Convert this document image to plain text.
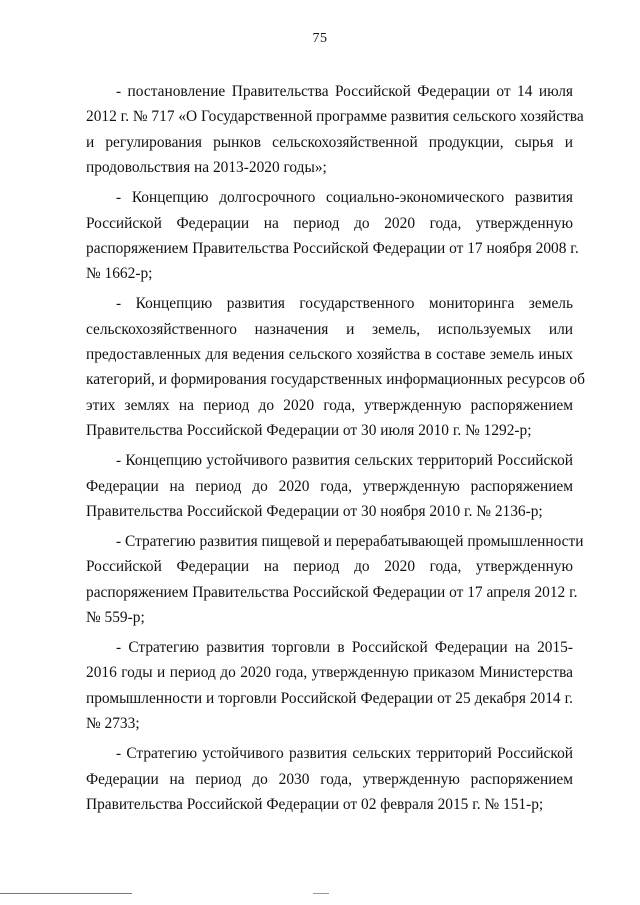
75

- постановление Правительства Российской Федерации от 14 июля
2012 г. № 717 «О Государственной программе развития сельского хозяйства
и регулирования рынков сельскохозяйственной продукции, сырья и
продовольствия на 2013-2020 годы»;

- Концепцию долгосрочного социально-экономического развития
Российской Федерации на период до 2020 года, утвержденную
распоряжением Правительства Российской Федерации от 17 ноября 2008 г.
№ 1662-р;

- Концепцию развития государственного мониторинга земель
сельскохозяйственного назначения и земель, используемых или
предоставленных для ведения сельского хозяйства в составе земель иных
категорий, и формирования государственных информационных ресурсов об
этих землях на период до 2020 года, утвержденную распоряжением
Правительства Российской Федерации от 30 июля 2010 г. № 1292-р;

- Концепцию устойчивого развития сельских территорий Российской
Федерации на период до 2020 года, утвержденную распоряжением
Правительства Российской Федерации от 30 ноября 2010 г. № 2136-р;

- Стратегию развития пищевой и перерабатывающей промышленности
Российской Федерации на период до 2020 года, утвержденную
распоряжением Правительства Российской Федерации от 17 апреля 2012 г.
№ 559-р;

- Стратегию развития торговли в Российской Федерации на 2015-
2016 годы и период до 2020 года, утвержденную приказом Министерства
промышленности и торговли Российской Федерации от 25 декабря 2014 г.
№ 2733;

- Стратегию устойчивого развития сельских территорий Российской
Федерации на период до 2030 года, утвержденную распоряжением
Правительства Российской Федерации от 02 февраля 2015 г. № 151-р;
